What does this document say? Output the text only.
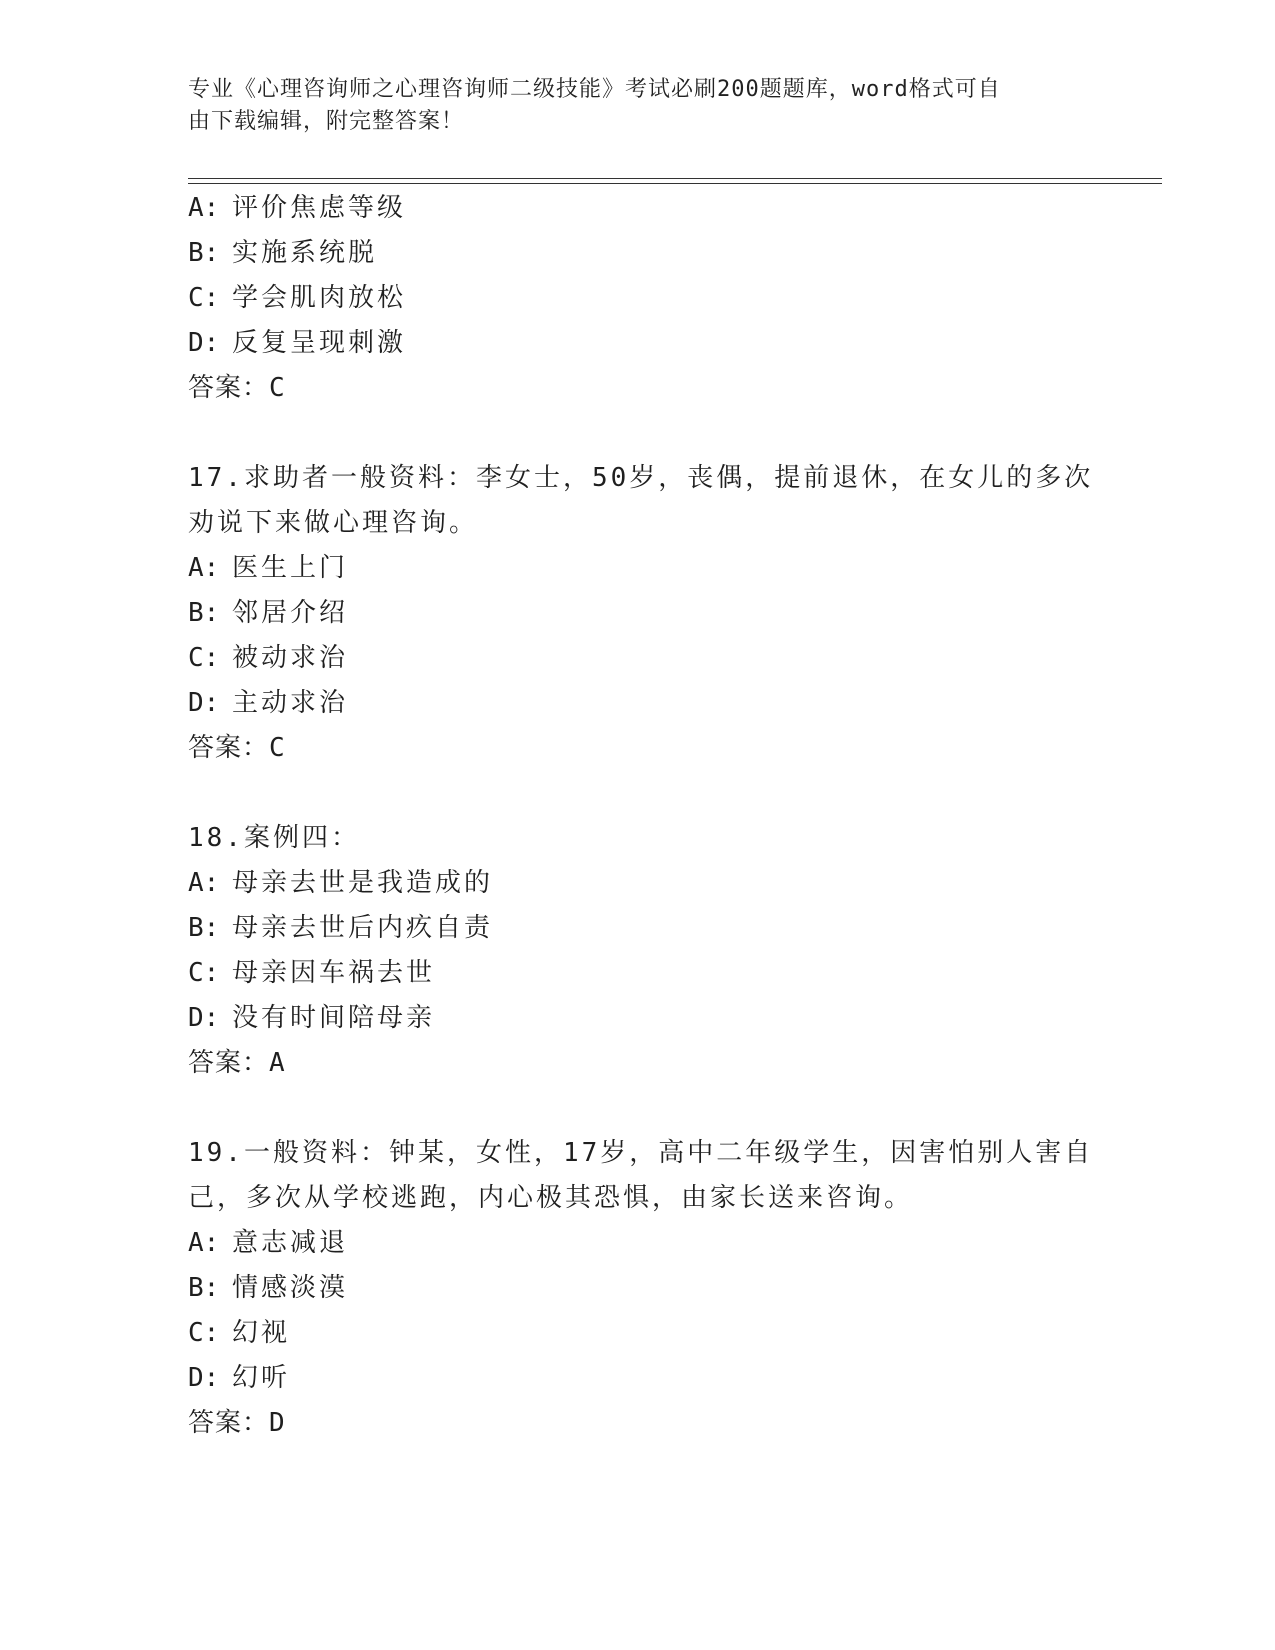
专业《心理咨询师之心理咨询师二级技能》考试必刷200题题库，word格式可自
由下载编辑，附完整答案！
A: 评价焦虑等级
B: 实施系统脱
C: 学会肌肉放松
D: 反复呈现刺激
答案：C
17.求助者一般资料：李女士，50岁，丧偶，提前退休，在女儿的多次
劝说下来做心理咨询。
A: 医生上门
B: 邻居介绍
C: 被动求治
D: 主动求治
答案：C
18.案例四：
A: 母亲去世是我造成的
B: 母亲去世后内疚自责
C: 母亲因车祸去世
D: 没有时间陪母亲
答案：A
19.一般资料：钟某，女性，17岁，高中二年级学生，因害怕别人害自
己，多次从学校逃跑，内心极其恐惧，由家长送来咨询。
A: 意志减退
B: 情感淡漠
C: 幻视
D: 幻听
答案：D
